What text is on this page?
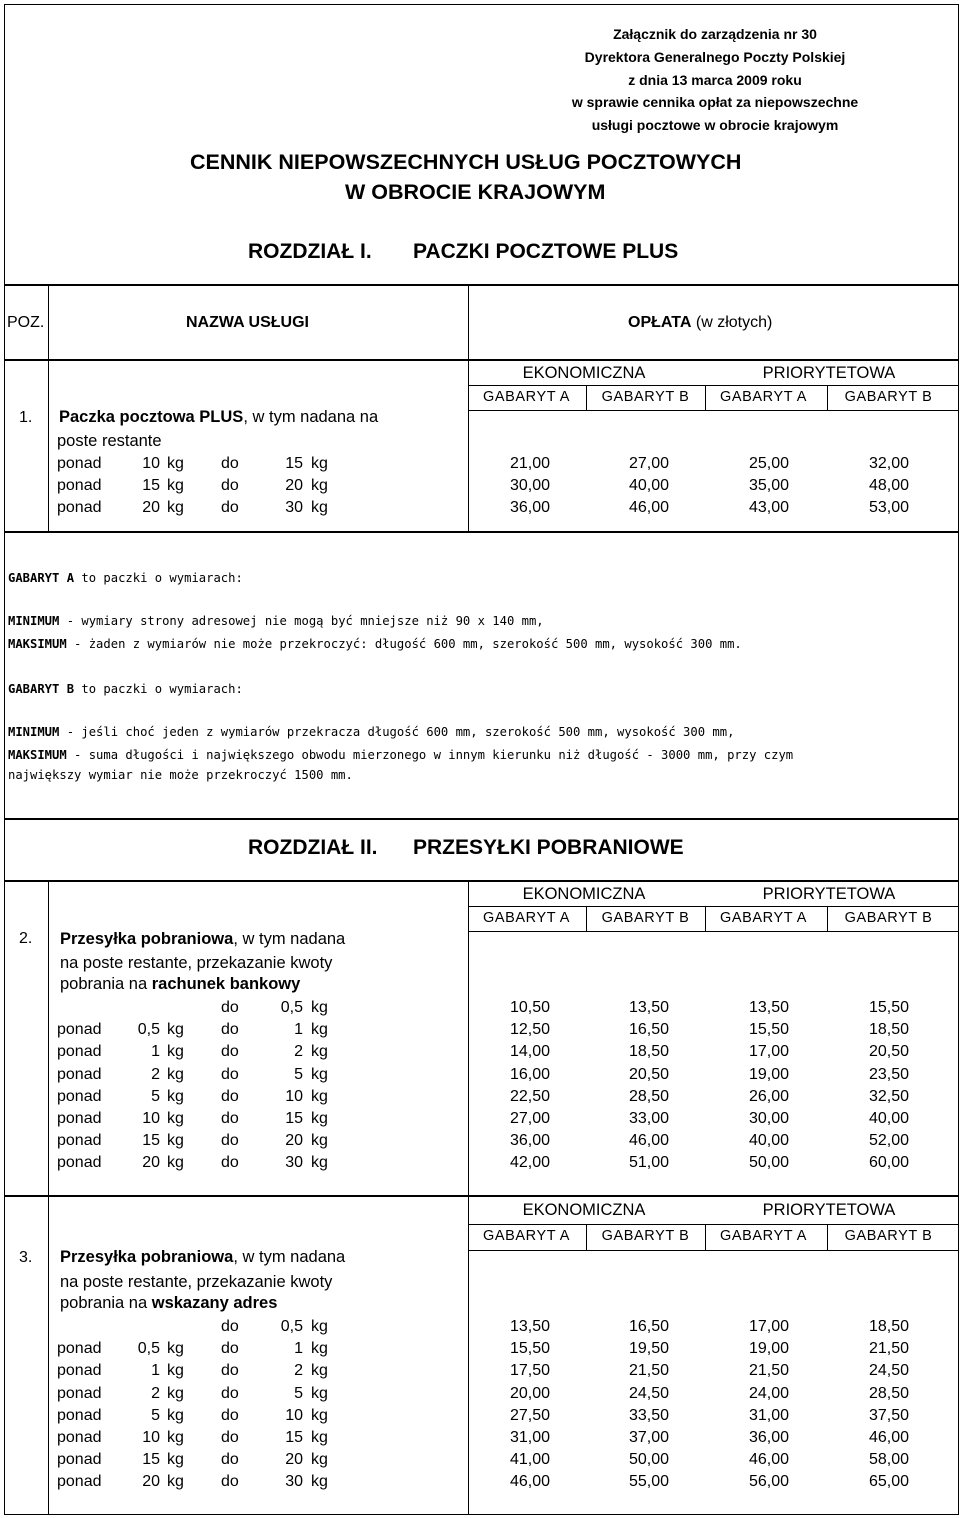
Załącznik do zarządzenia nr 30
Dyrektora Generalnego Poczty Polskiej
z dnia 13 marca 2009 roku
w sprawie cennika opłat za niepowszechne
usługi pocztowe w obrocie krajowym
CENNIK NIEPOWSZECHNYCH USŁUG POCZTOWYCH
W OBROCIE KRAJOWYM
ROZDZIAŁ I. PACZKI POCZTOWE PLUS
POZ.	NAZWA USŁUGI	OPŁATA (w złotych)
EKONOMICZNA	PRIORYTETOWA
GABARYT A	GABARYT B	GABARYT A	GABARYT B
1. Paczka pocztowa PLUS, w tym nadana na
poste restante
ponad	10 kg do	15 kg	21,00	27,00	25,00	32,00
ponad	15 kg do	20 kg	30,00	40,00	35,00	48,00
ponad	20 kg do	30 kg	36,00	46,00	43,00	53,00
GABARYT A to paczki o wymiarach:
MINIMUM - wymiary strony adresowej nie mogą być mniejsze niż 90 x 140 mm,
MAKSIMUM - żaden z wymiarów nie może przekroczyć: długość 600 mm, szerokość 500 mm, wysokość 300 mm.
GABARYT B to paczki o wymiarach:
MINIMUM - jeśli choć jeden z wymiarów przekracza długość 600 mm, szerokość 500 mm, wysokość 300 mm,
MAKSIMUM - suma długości i największego obwodu mierzonego w innym kierunku niż długość - 3000 mm, przy czym
największy wymiar nie może przekroczyć 1500 mm.
ROZDZIAŁ II. PRZESYŁKI POBRANIOWE
EKONOMICZNA	PRIORYTETOWA
GABARYT A	GABARYT B	GABARYT A	GABARYT B
2. Przesyłka pobraniowa, w tym nadana
na poste restante, przekazanie kwoty
pobrania na rachunek bankowy
do	0,5 kg	10,50	13,50	13,50	15,50
ponad	0,5 kg do	1 kg	12,50	16,50	15,50	18,50
ponad	1 kg do	2 kg	14,00	18,50	17,00	20,50
ponad	2 kg do	5 kg	16,00	20,50	19,00	23,50
ponad	5 kg do	10 kg	22,50	28,50	26,00	32,50
ponad	10 kg do	15 kg	27,00	33,00	30,00	40,00
ponad	15 kg do	20 kg	36,00	46,00	40,00	52,00
ponad	20 kg do	30 kg	42,00	51,00	50,00	60,00
EKONOMICZNA	PRIORYTETOWA
GABARYT A	GABARYT B	GABARYT A	GABARYT B
3. Przesyłka pobraniowa, w tym nadana
na poste restante, przekazanie kwoty
pobrania na wskazany adres
do	0,5 kg	13,50	16,50	17,00	18,50
ponad	0,5 kg do	1 kg	15,50	19,50	19,00	21,50
ponad	1 kg do	2 kg	17,50	21,50	21,50	24,50
ponad	2 kg do	5 kg	20,00	24,50	24,00	28,50
ponad	5 kg do	10 kg	27,50	33,50	31,00	37,50
ponad	10 kg do	15 kg	31,00	37,00	36,00	46,00
ponad	15 kg do	20 kg	41,00	50,00	46,00	58,00
ponad	20 kg do	30 kg	46,00	55,00	56,00	65,00
